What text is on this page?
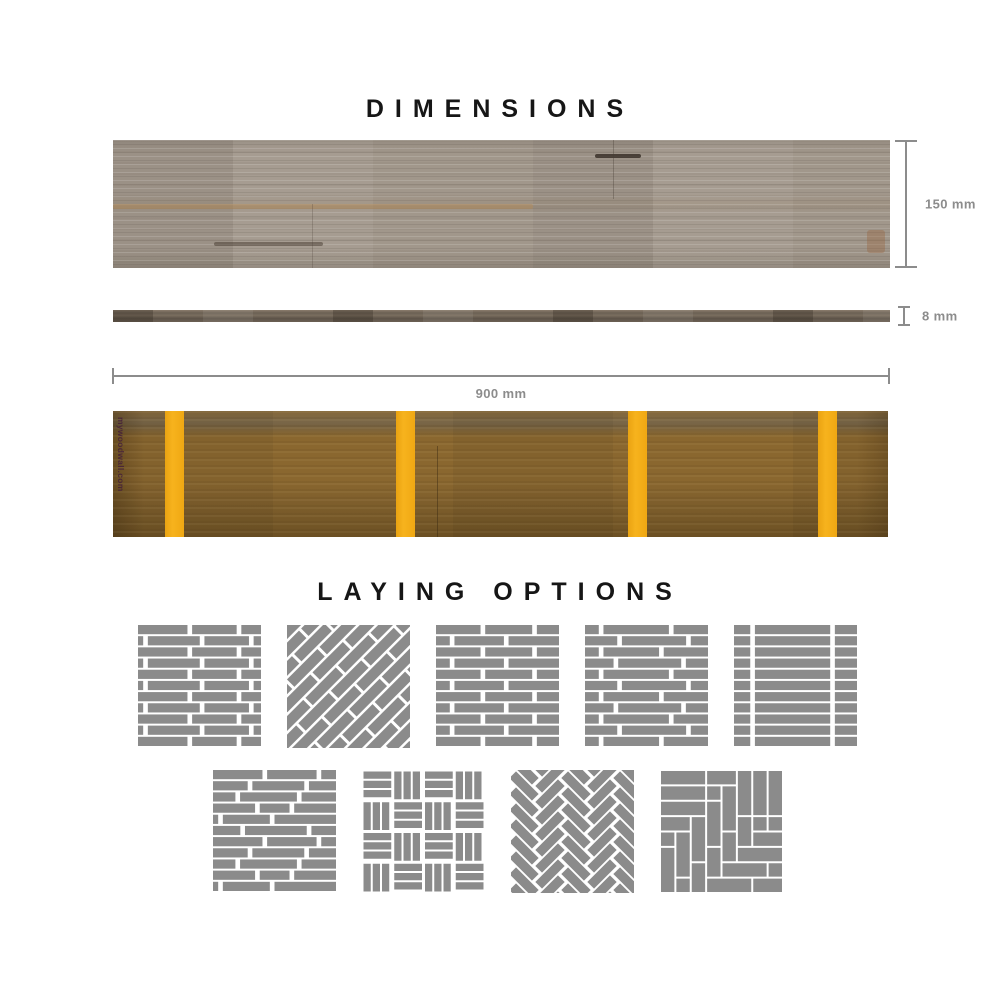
DIMENSIONS
150 mm
8 mm
900 mm
mywoodwall.com
LAYING OPTIONS
